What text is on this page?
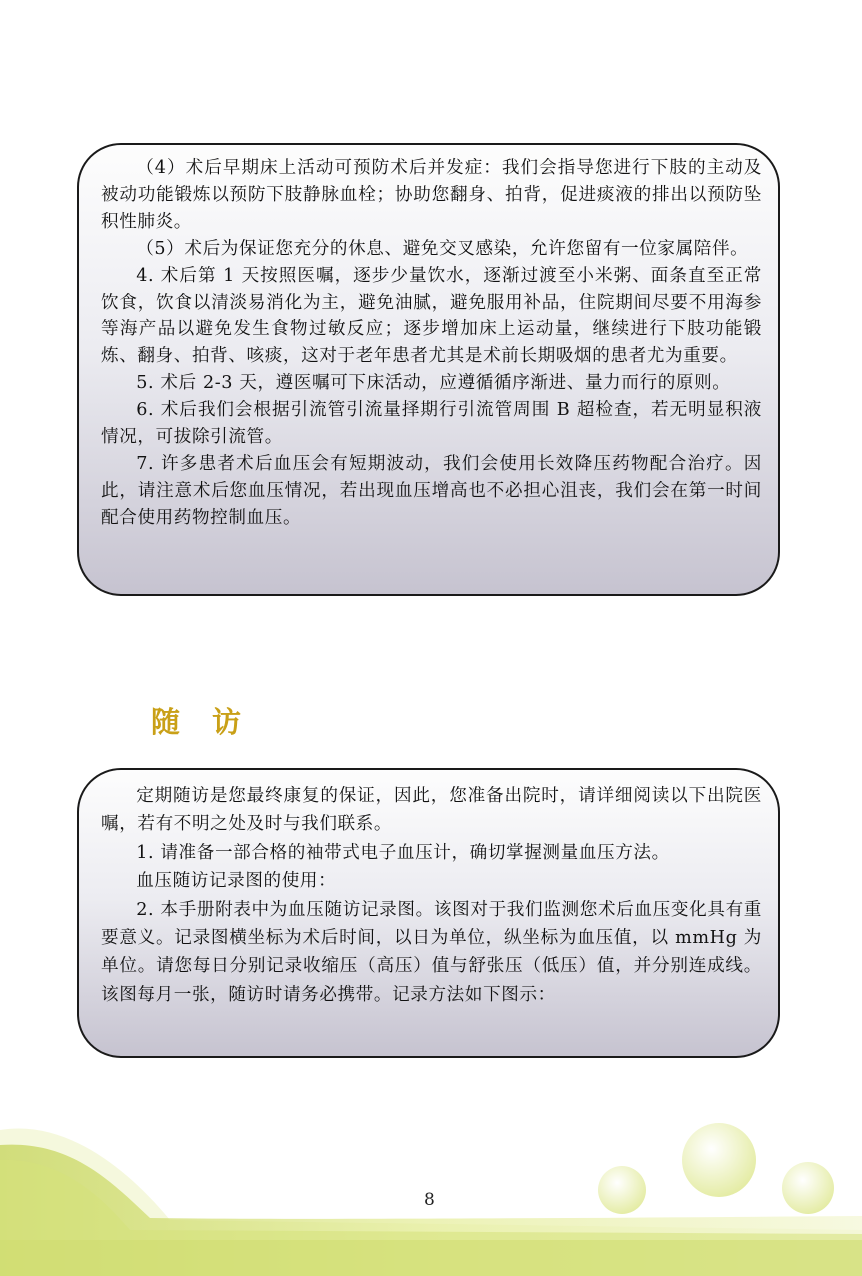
（4）术后早期床上活动可预防术后并发症：我们会指导您进行下肢的主动及被动功能锻炼以预防下肢静脉血栓；协助您翻身、拍背，促进痰液的排出以预防坠积性肺炎。

（5）术后为保证您充分的休息、避免交叉感染，允许您留有一位家属陪伴。

4. 术后第 1 天按照医嘱，逐步少量饮水，逐渐过渡至小米粥、面条直至正常饮食，饮食以清淡易消化为主，避免油腻，避免服用补品，住院期间尽要不用海参等海产品以避免发生食物过敏反应；逐步增加床上运动量，继续进行下肢功能锻炼、翻身、拍背、咳痰，这对于老年患者尤其是术前长期吸烟的患者尤为重要。

5. 术后 2-3 天，遵医嘱可下床活动，应遵循循序渐进、量力而行的原则。

6. 术后我们会根据引流管引流量择期行引流管周围 B 超检查，若无明显积液情况，可拔除引流管。

7. 许多患者术后血压会有短期波动，我们会使用长效降压药物配合治疗。因此，请注意术后您血压情况，若出现血压增高也不必担心沮丧，我们会在第一时间配合使用药物控制血压。

随访

定期随访是您最终康复的保证，因此，您准备出院时，请详细阅读以下出院医嘱，若有不明之处及时与我们联系。

1. 请准备一部合格的袖带式电子血压计，确切掌握测量血压方法。

血压随访记录图的使用：

2. 本手册附表中为血压随访记录图。该图对于我们监测您术后血压变化具有重要意义。记录图横坐标为术后时间，以日为单位，纵坐标为血压值，以 mmHg 为单位。请您每日分别记录收缩压（高压）值与舒张压（低压）值，并分别连成线。该图每月一张，随访时请务必携带。记录方法如下图示：

8
